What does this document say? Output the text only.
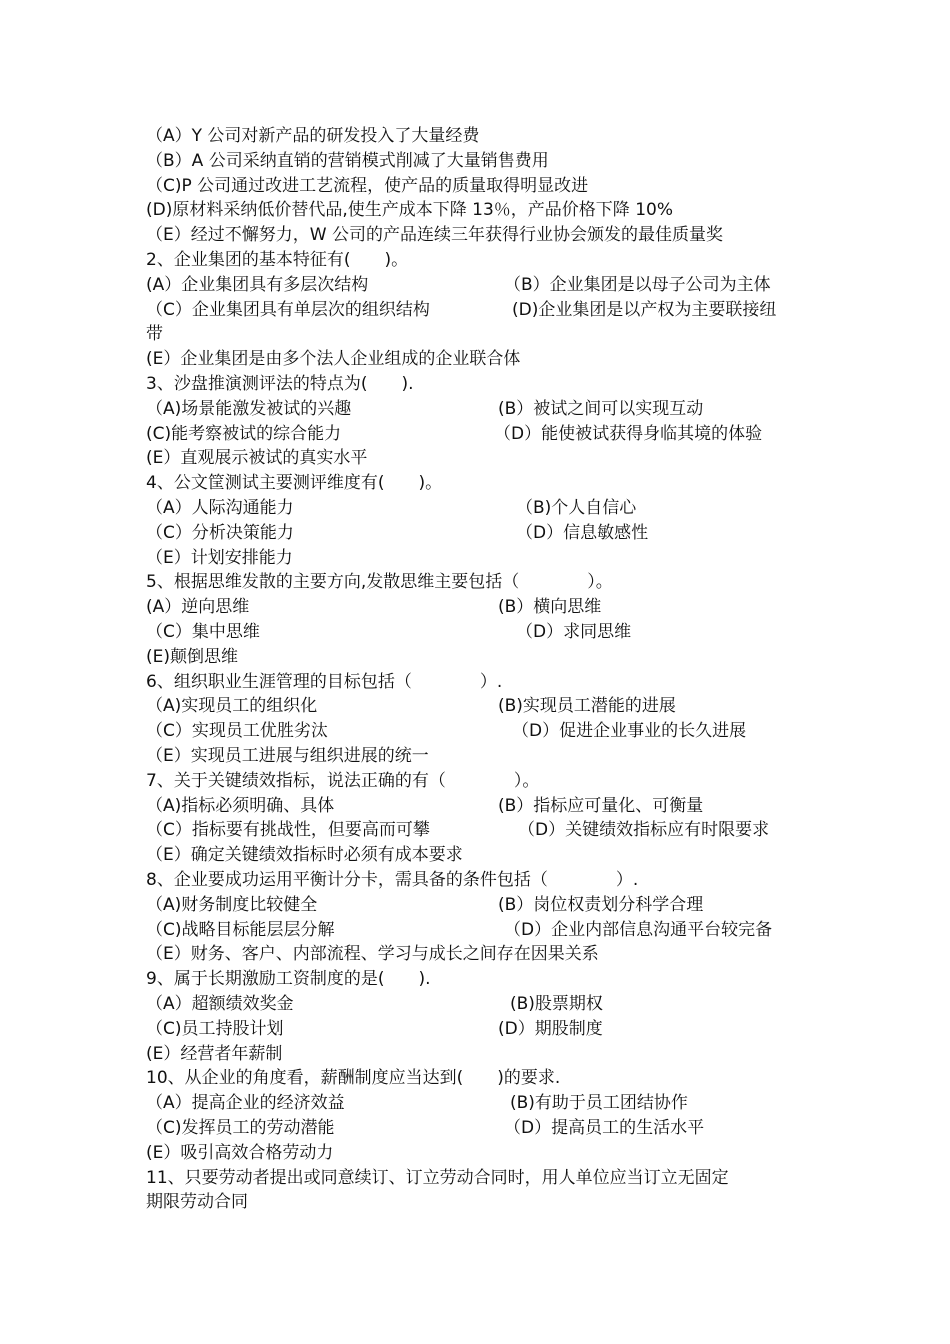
（A）Y 公司对新产品的研发投入了大量经费
（B）A 公司采纳直销的营销模式削减了大量销售费用
（C)P 公司通过改进工艺流程，使产品的质量取得明显改进
(D)原材料采纳低价替代品,使生产成本下降 13％，产品价格下降 10%
（E）经过不懈努力，W 公司的产品连续三年获得行业协会颁发的最佳质量奖
2、企业集团的基本特征有(　　)。
(A）企业集团具有多层次结构	（B）企业集团是以母子公司为主体
（C）企业集团具有单层次的组织结构	(D)企业集团是以产权为主要联接纽
带
(E）企业集团是由多个法人企业组成的企业联合体
3、沙盘推演测评法的特点为(　　).
（A)场景能激发被试的兴趣	(B）被试之间可以实现互动
(C)能考察被试的综合能力	（D）能使被试获得身临其境的体验
(E）直观展示被试的真实水平
4、公文筐测试主要测评维度有(　　)。
（A）人际沟通能力	（B)个人自信心
（C）分析决策能力	（D）信息敏感性
（E）计划安排能力
5、根据思维发散的主要方向,发散思维主要包括（　　　　）。
(A）逆向思维	(B）横向思维
（C）集中思维	（D）求同思维
(E)颠倒思维
6、组织职业生涯管理的目标包括（　　　　）.
（A)实现员工的组织化	(B)实现员工潜能的进展
（C）实现员工优胜劣汰	（D）促进企业事业的长久进展
（E）实现员工进展与组织进展的统一
7、关于关键绩效指标，说法正确的有（　　　　）。
（A)指标必须明确、具体	(B）指标应可量化、可衡量
（C）指标要有挑战性，但要高而可攀	（D）关键绩效指标应有时限要求
（E）确定关键绩效指标时必须有成本要求
8、企业要成功运用平衡计分卡，需具备的条件包括（　　　　）.
（A)财务制度比较健全	(B）岗位权责划分科学合理
（C)战略目标能层层分解	（D）企业内部信息沟通平台较完备
（E）财务、客户、内部流程、学习与成长之间存在因果关系
9、属于长期激励工资制度的是(　　).
（A）超额绩效奖金	(B)股票期权
（C)员工持股计划	(D）期股制度
(E）经营者年薪制
10、从企业的角度看，薪酬制度应当达到(　　)的要求.
（A）提高企业的经济效益	(B)有助于员工团结协作
（C)发挥员工的劳动潜能	（D）提高员工的生活水平
(E）吸引高效合格劳动力
11、只要劳动者提出或同意续订、订立劳动合同时，用人单位应当订立无固定
期限劳动合同
